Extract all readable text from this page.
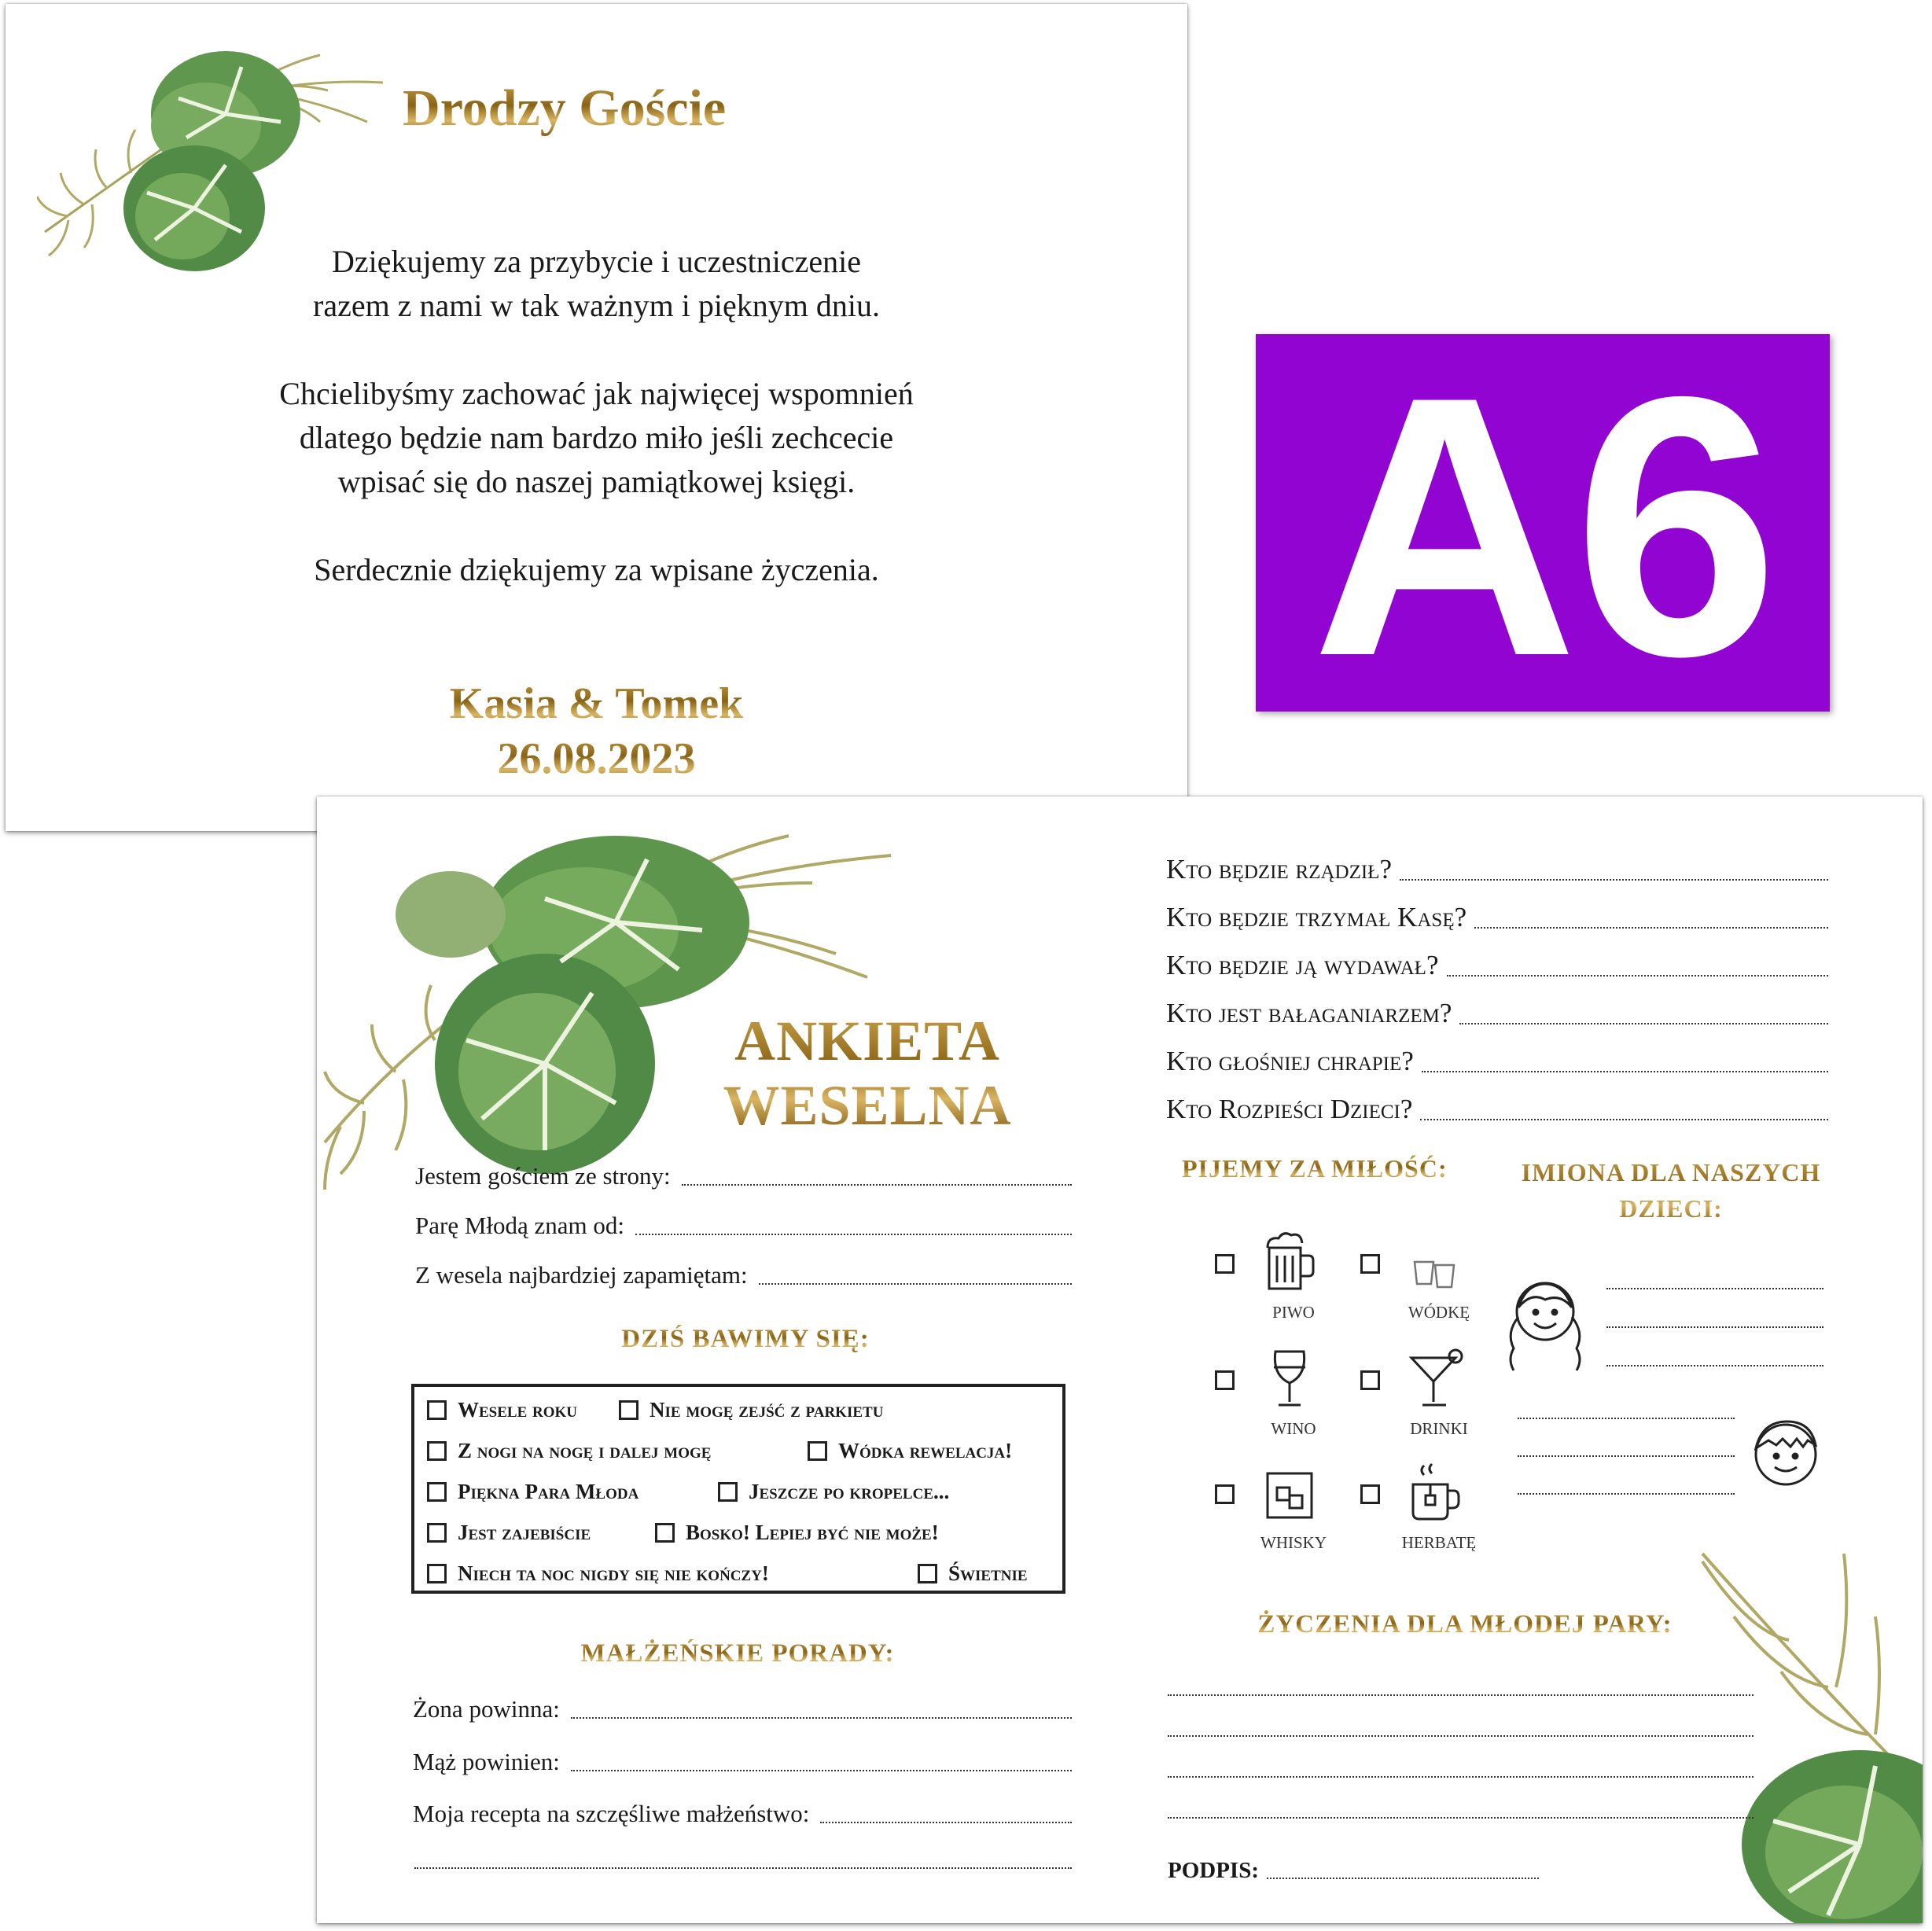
Drodzy Goście

Dziękujemy za przybycie i uczestniczenie
razem z nami w tak ważnym i pięknym dniu.

Chcielibyśmy zachować jak najwięcej wspomnień
dlatego będzie nam bardzo miło jeśli zechcecie
wpisać się do naszej pamiątkowej księgi.

Serdecznie dziękujemy za wpisane życzenia.

Kasia & Tomek
26.08.2023
A6
ANKIETA
WESELNA
Jestem gościem ze strony:
Parę Młodą znam od:
Z wesela najbardziej zapamiętam:
DZIŚ BAWIMY SIĘ:
Wesele roku	Nie mogę zejść z parkietu
Z nogi na nogę i dalej mogę	Wódka rewelacja!
Piękna Para Młoda	Jeszcze po kropelce...
Jest zajebiście	Bosko! Lepiej być nie może!
Niech ta noc nigdy się nie kończy!	Świetnie
MAŁŻEŃSKIE PORADY:
Żona powinna:
Mąż powinien:
Moja recepta na szczęśliwe małżeństwo:
Kto będzie rządził?
Kto będzie trzymał Kasę?
Kto będzie ją wydawał?
Kto jest bałaganiarzem?
Kto głośniej chrapie?
Kto Rozpieści Dzieci?
PIJEMY ZA MIŁOŚĆ:
PIWO	WÓDKĘ
WINO	DRINKI
WHISKY	HERBATĘ
IMIONA DLA NASZYCH
DZIECI:
ŻYCZENIA DLA MŁODEJ PARY:
PODPIS:
